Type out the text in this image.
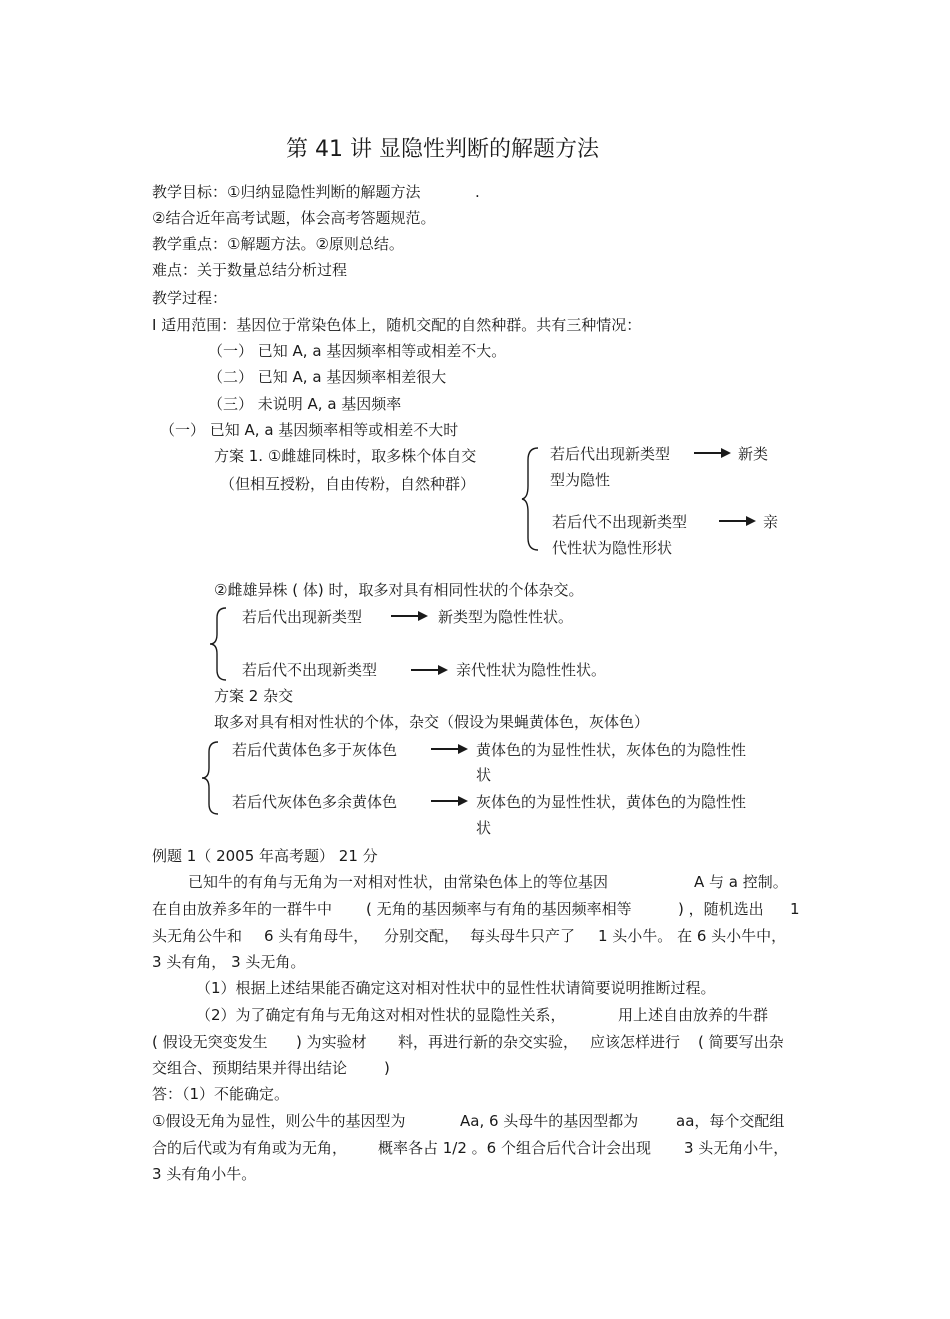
第 41 讲 显隐性判断的解题方法
教学目标：①归纳显隐性判断的解题方法	.
②结合近年高考试题，体会高考答题规范。
教学重点：①解题方法。②原则总结。
难点：关于数量总结分析过程
教学过程：
Ⅰ 适用范围：基因位于常染色体上，随机交配的自然种群。共有三种情况：
（一） 已知 A, a 基因频率相等或相差不大。
（二） 已知 A, a 基因频率相差很大
（三） 未说明 A, a 基因频率
（一） 已知 A, a 基因频率相等或相差不大时
方案 1. ①雌雄同株时，取多株个体自交
（但相互授粉，自由传粉，自然种群）
若后代出现新类型
型为隐性
新类
若后代不出现新类型
代性状为隐性形状
亲
②雌雄异株 ( 体) 时，取多对具有相同性状的个体杂交。
若后代出现新类型	新类型为隐性性状。
若后代不出现新类型	亲代性状为隐性性状。
方案 2 杂交
取多对具有相对性状的个体，杂交（假设为果蝇黄体色，灰体色）
若后代黄体色多于灰体色	黄体色的为显性性状，灰体色的为隐性性
状
若后代灰体色多余黄体色	灰体色的为显性性状，黄体色的为隐性性
状
例题 1（ 2005 年高考题） 21 分
已知牛的有角与无角为一对相对性状，由常染色体上的等位基因	A 与 a 控制。
在自由放养多年的一群牛中 ( 无角的基因频率与有角的基因频率相等	) ，随机选出 1
头无角公牛和 6 头有角母牛， 分别交配， 每头母牛只产了 1 头小牛。 在 6 头小牛中，
3 头有角， 3 头无角。
（1）根据上述结果能否确定这对相对性状中的显性性状请简要说明推断过程。
（2）为了确定有角与无角这对相对性状的显隐性关系，	用上述自由放养的牛群
( 假设无突变发生 ) 为实验材 料，再进行新的杂交实验， 应该怎样进行 ( 简要写出杂
交组合、预期结果并得出结论 )
答：（1）不能确定。
①假设无角为显性，则公牛的基因型为	Aa, 6 头母牛的基因型都为	aa，每个交配组
合的后代或为有角或为无角， 概率各占 1/2 。6 个组合后代合计会出现 3 头无角小牛，
3 头有角小牛。
